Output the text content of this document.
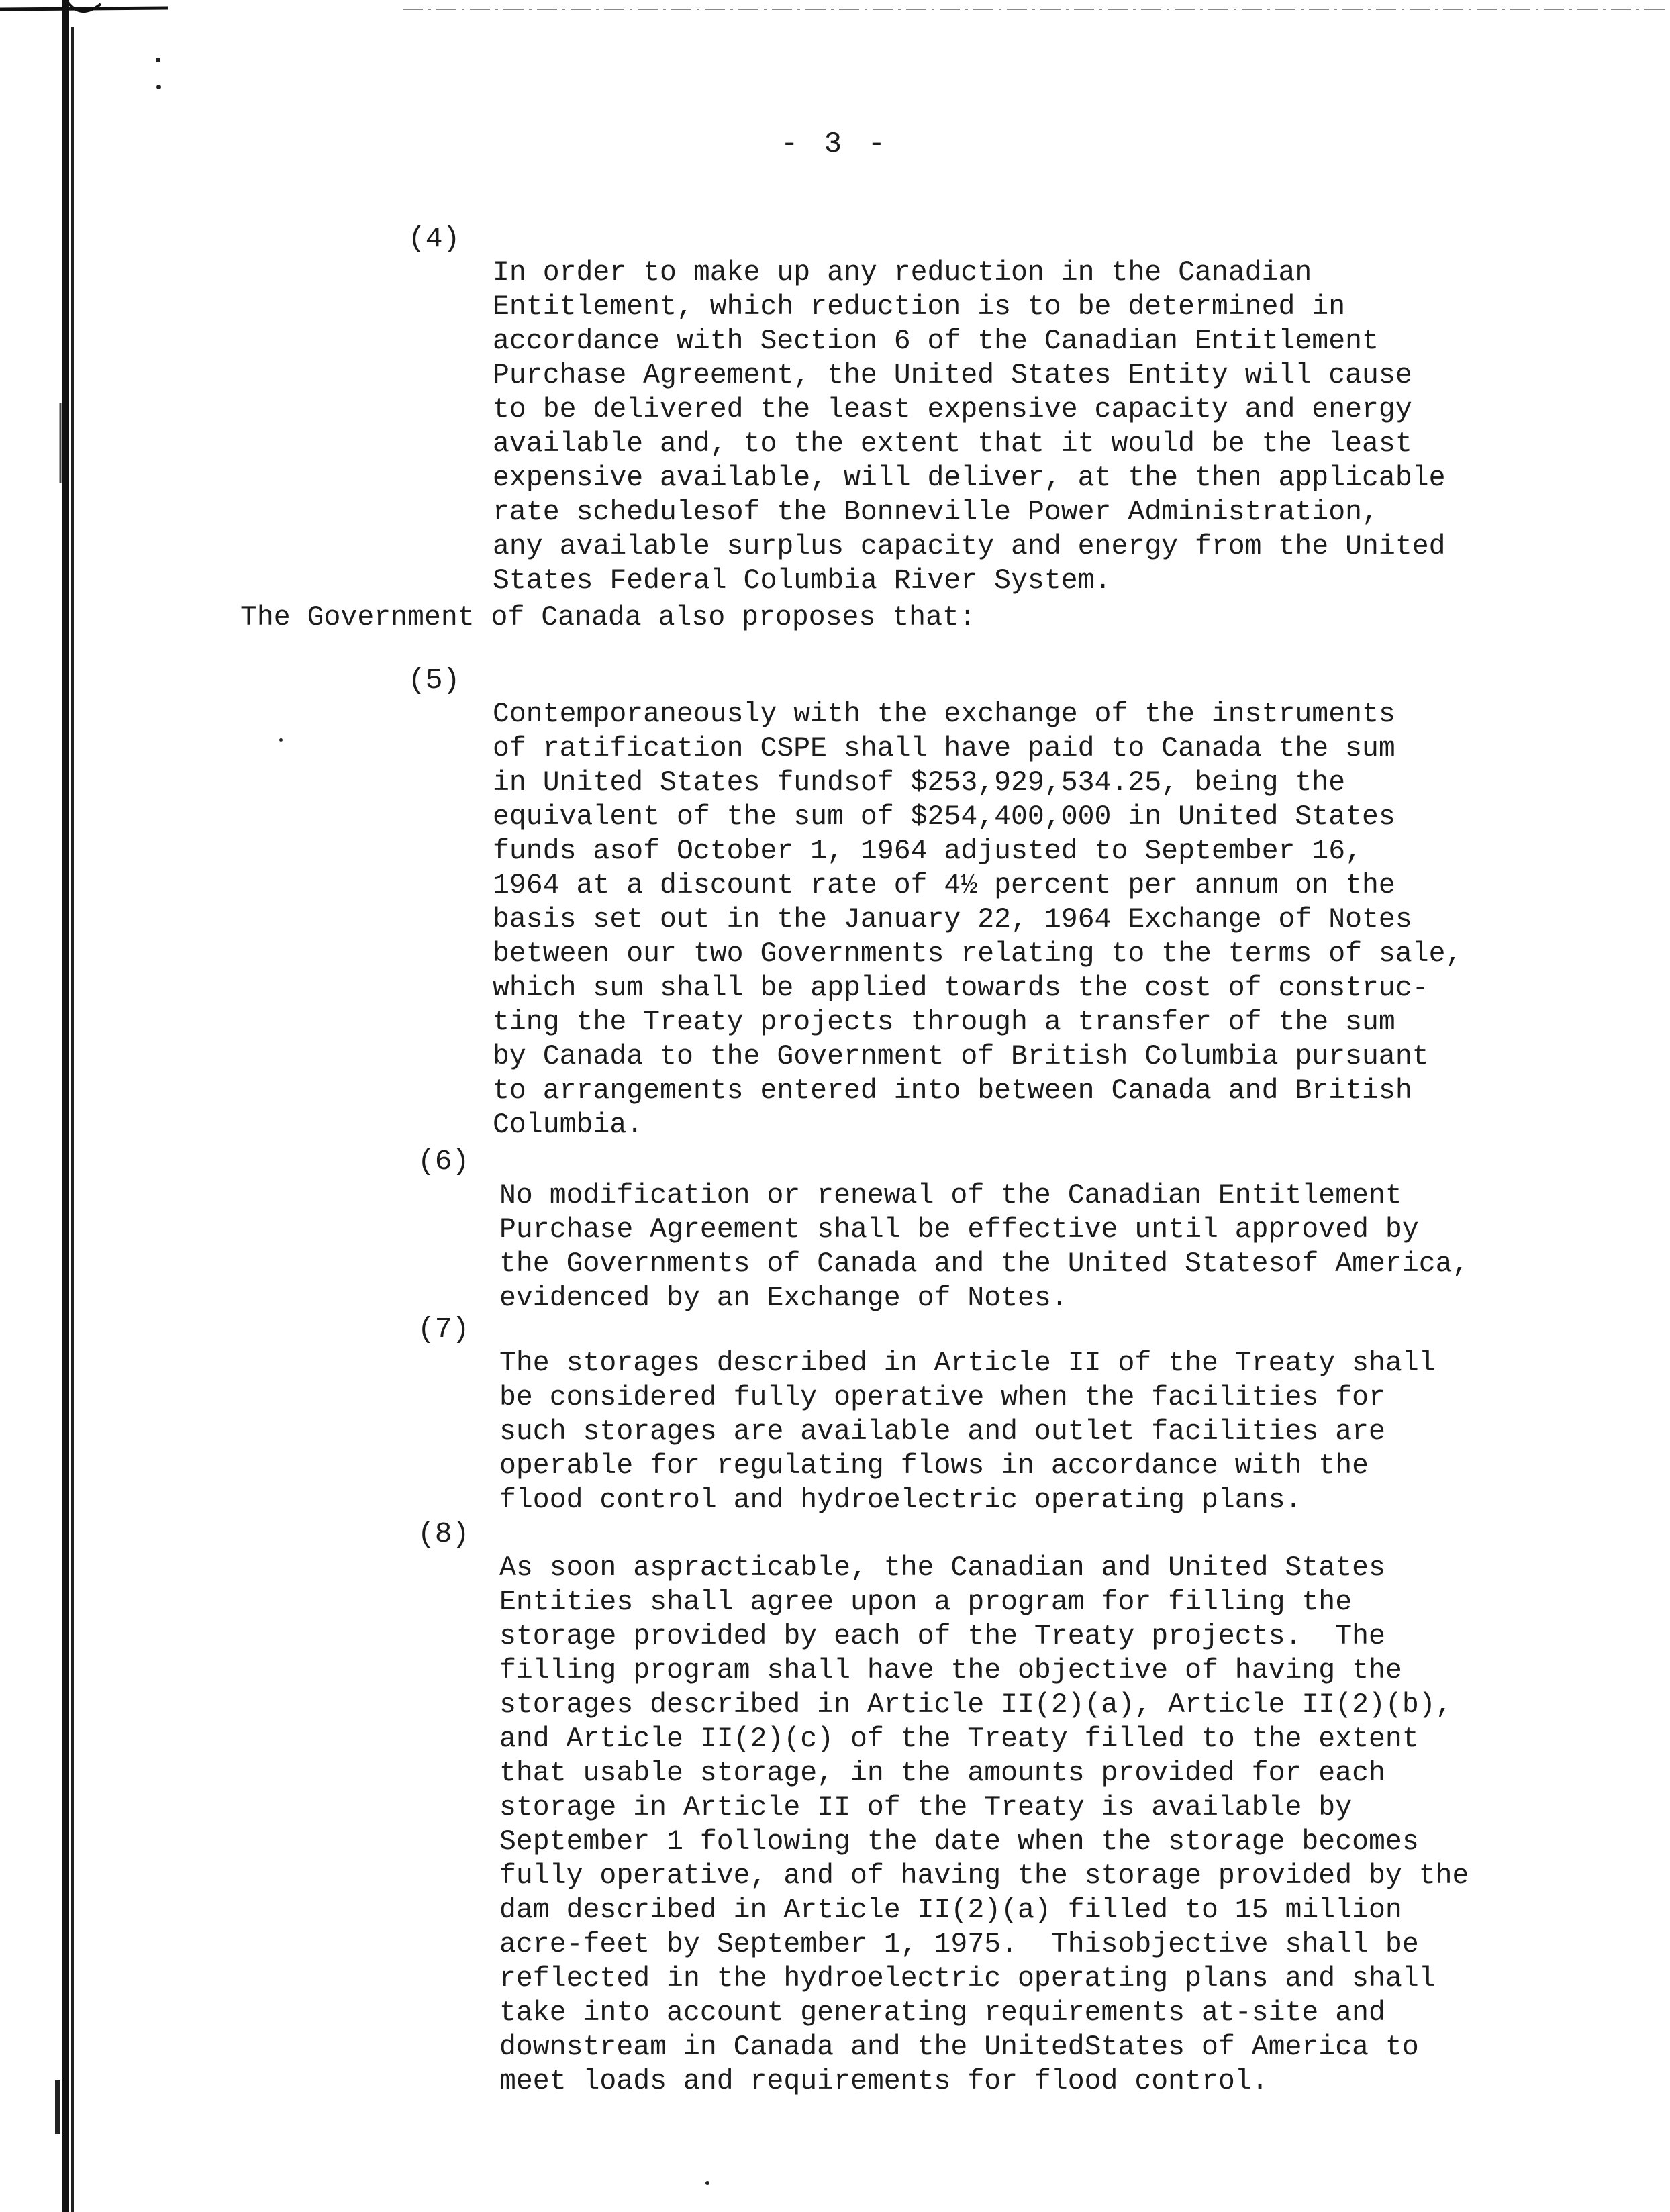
- 3 -
(4)

In order to make up any reduction in the Canadian
Entitlement, which reduction is to be determined in
accordance with Section 6 of the Canadian Entitlement
Purchase Agreement, the United States Entity will cause
to be delivered the least expensive capacity and energy
available and, to the extent that it would be the least
expensive available, will deliver, at the then applicable
rate schedulesof the Bonneville Power Administration,
any available surplus capacity and energy from the United
States Federal Columbia River System.

The Government of Canada also proposes that:
(5)

Contemporaneously with the exchange of the instruments
of ratification CSPE shall have paid to Canada the sum
in United States fundsof $253,929,534.25, being the
equivalent of the sum of $254,400,000 in United States
funds asof October 1, 1964 adjusted to September 16,
1964 at a discount rate of 4½ percent per annum on the
basis set out in the January 22, 1964 Exchange of Notes
between our two Governments relating to the terms of sale,
which sum shall be applied towards the cost of construc-
ting the Treaty projects through a transfer of the sum
by Canada to the Government of British Columbia pursuant
to arrangements entered into between Canada and British
Columbia.

(6)

No modification or renewal of the Canadian Entitlement
Purchase Agreement shall be effective until approved by
the Governments of Canada and the United Statesof America,
evidenced by an Exchange of Notes.

(7)

The storages described in Article II of the Treaty shall
be considered fully operative when the facilities for
such storages are available and outlet facilities are
operable for regulating flows in accordance with the
flood control and hydroelectric operating plans.

(8)

As soon aspracticable, the Canadian and United States
Entities shall agree upon a program for filling the
storage provided by each of the Treaty projects.  The
filling program shall have the objective of having the
storages described in Article II(2)(a), Article II(2)(b),
and Article II(2)(c) of the Treaty filled to the extent
that usable storage, in the amounts provided for each
storage in Article II of the Treaty is available by
September 1 following the date when the storage becomes
fully operative, and of having the storage provided by the
dam described in Article II(2)(a) filled to 15 million
acre-feet by September 1, 1975.  Thisobjective shall be
reflected in the hydroelectric operating plans and shall
take into account generating requirements at-site and
downstream in Canada and the UnitedStates of America to
meet loads and requirements for flood control.
